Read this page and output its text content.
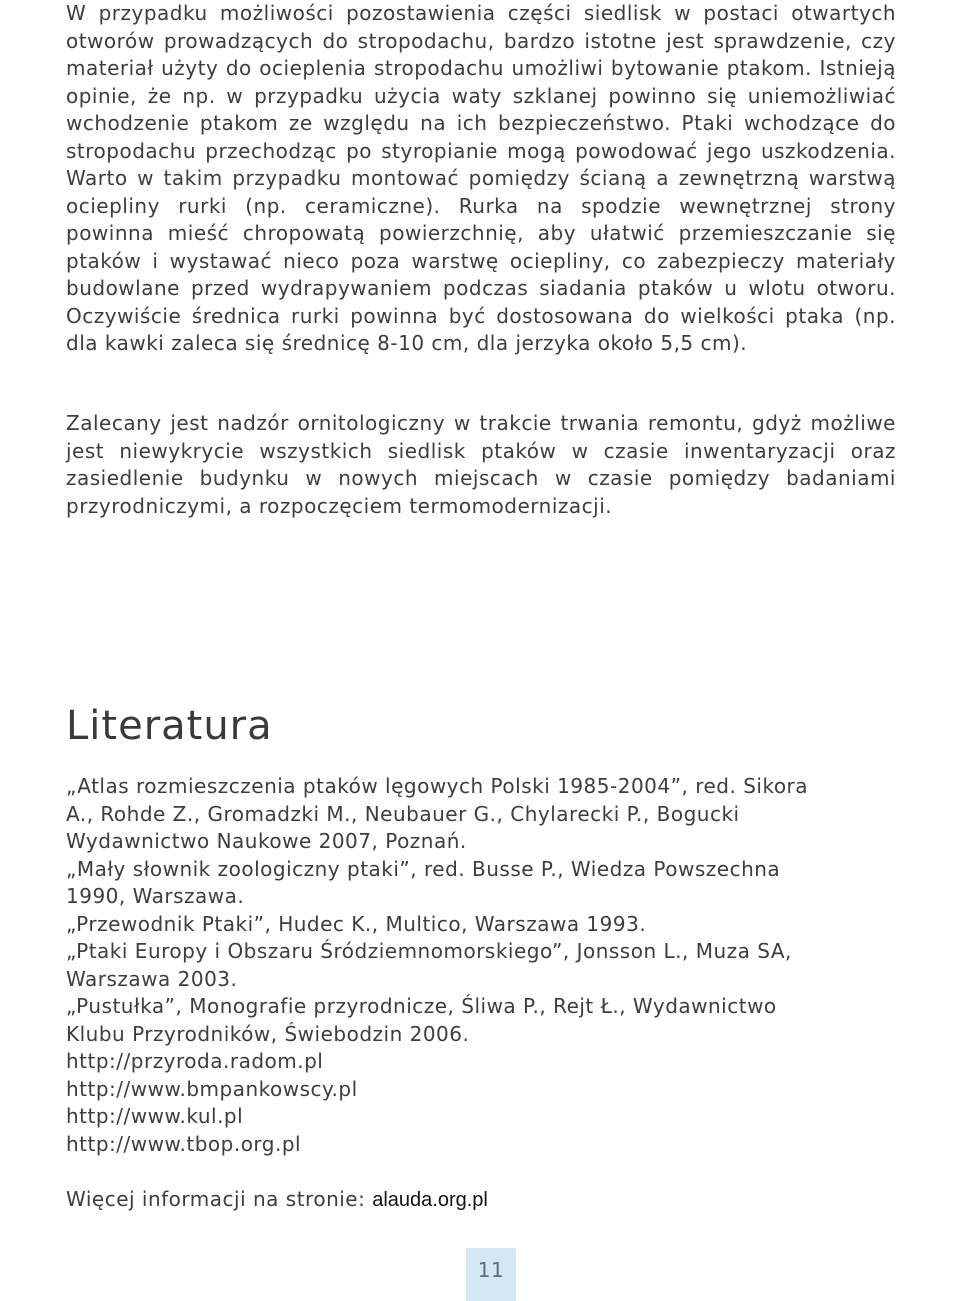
W przypadku możliwości pozostawienia części siedlisk w postaci otwartych otworów prowadzących do stropodachu, bardzo istotne jest sprawdzenie, czy materiał użyty do ocieplenia stropodachu umożliwi bytowanie ptakom. Istnieją opinie, że np. w przypadku użycia waty szklanej powinno się uniemożliwiać wchodzenie ptakom ze względu na ich bezpieczeństwo. Ptaki wchodzące do stropodachu przechodząc po styropianie mogą powodować jego uszkodzenia. Warto w takim przypadku montować pomiędzy ścianą a zewnętrzną warstwą ociepliny rurki (np. ceramiczne). Rurka na spodzie wewnętrznej strony powinna mieść chropowatą powierzchnię, aby ułatwić przemieszczanie się ptaków i wystawać nieco poza warstwę ociepliny, co zabezpieczy materiały budowlane przed wydrapywaniem podczas siadania ptaków u wlotu otworu. Oczywiście średnica rurki powinna być dostosowana do wielkości ptaka (np. dla kawki zaleca się średnicę 8-10 cm, dla jerzyka około 5,5 cm).

Zalecany jest nadzór ornitologiczny w trakcie trwania remontu, gdyż możliwe jest niewykrycie wszystkich siedlisk ptaków w czasie inwentaryzacji oraz zasiedlenie budynku w nowych miejscach w czasie pomiędzy badaniami przyrodniczymi, a rozpoczęciem termomodernizacji.

Literatura
„Atlas rozmieszczenia ptaków lęgowych Polski 1985-2004”, red. Sikora A., Rohde Z., Gromadzki M., Neubauer G., Chylarecki P., Bogucki Wydawnictwo Naukowe 2007, Poznań.
„Mały słownik zoologiczny ptaki”, red. Busse P., Wiedza Powszechna 1990, Warszawa.
„Przewodnik Ptaki”, Hudec K., Multico, Warszawa 1993.
„Ptaki Europy i Obszaru Śródziemnomorskiego”, Jonsson L., Muza SA, Warszawa 2003.
„Pustułka”, Monografie przyrodnicze, Śliwa P., Rejt Ł., Wydawnictwo Klubu Przyrodników, Świebodzin 2006.
http://przyroda.radom.pl
http://www.bmpankowscy.pl
http://www.kul.pl
http://www.tbop.org.pl

Więcej informacji na stronie: alauda.org.pl

11
